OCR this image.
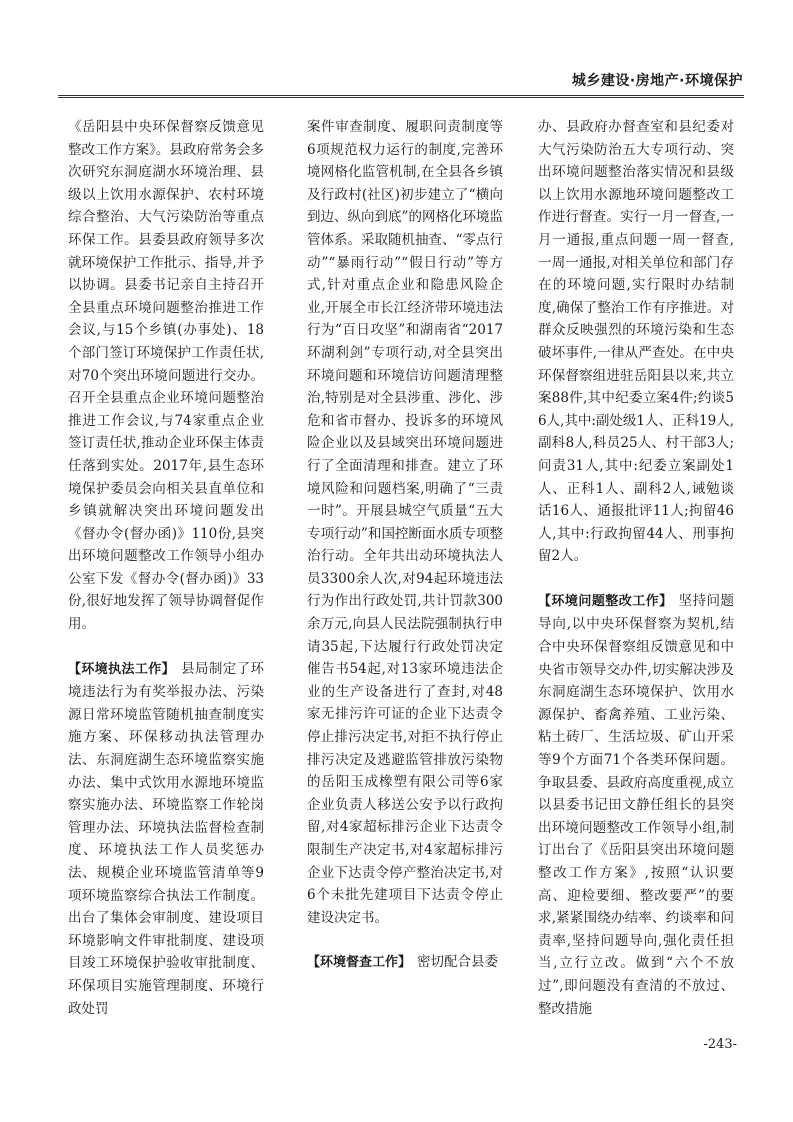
城乡建设·房地产·环境保护

《岳阳县中央环保督察反馈意见整改工作方案》。县政府常务会多次研究东洞庭湖水环境治理、县级以上饮用水源保护、农村环境综合整治、大气污染防治等重点环保工作。县委县政府领导多次就环境保护工作批示、指导,并予以协调。县委书记亲自主持召开全县重点环境问题整治推进工作会议,与15个乡镇(办事处)、18个部门签订环境保护工作责任状,对70个突出环境问题进行交办。召开全县重点企业环境问题整治推进工作会议,与74家重点企业签订责任状,推动企业环保主体责任落到实处。2017年,县生态环境保护委员会向相关县直单位和乡镇就解决突出环境问题发出《督办令(督办函)》110份,县突出环境问题整改工作领导小组办公室下发《督办令(督办函)》33份,很好地发挥了领导协调督促作用。

【环境执法工作】 县局制定了环境违法行为有奖举报办法、污染源日常环境监管随机抽查制度实施方案、环保移动执法管理办法、东洞庭湖生态环境监察实施办法、集中式饮用水源地环境监察实施办法、环境监察工作轮岗管理办法、环境执法监督检查制度、环境执法工作人员奖惩办法、规模企业环境监管清单等9项环境监察综合执法工作制度。出台了集体会审制度、建设项目环境影响文件审批制度、建设项目竣工环境保护验收审批制度、环保项目实施管理制度、环境行政处罚

案件审查制度、履职问责制度等6项规范权力运行的制度,完善环境网格化监管机制,在全县各乡镇及行政村(社区)初步建立了“横向到边、纵向到底”的网格化环境监管体系。采取随机抽查、“零点行动”“暴雨行动”“假日行动”等方式,针对重点企业和隐患风险企业,开展全市长江经济带环境违法行为“百日攻坚”和湖南省“2017环湖利剑”专项行动,对全县突出环境问题和环境信访问题清理整治,特别是对全县涉重、涉化、涉危和省市督办、投诉多的环境风险企业以及县域突出环境问题进行了全面清理和排查。建立了环境风险和问题档案,明确了“三责一时”。开展县城空气质量“五大专项行动”和国控断面水质专项整治行动。全年共出动环境执法人员3300余人次,对94起环境违法行为作出行政处罚,共计罚款300余万元,向县人民法院强制执行申请35起,下达履行行政处罚决定催告书54起,对13家环境违法企业的生产设备进行了查封,对48家无排污许可证的企业下达责令停止排污决定书,对拒不执行停止排污决定及逃避监管排放污染物的岳阳玉成橡塑有限公司等6家企业负责人移送公安予以行政拘留,对4家超标排污企业下达责令限制生产决定书,对4家超标排污企业下达责令停产整治决定书,对6个未批先建项目下达责令停止建设决定书。

【环境督查工作】 密切配合县委

办、县政府办督查室和县纪委对大气污染防治五大专项行动、突出环境问题整治落实情况和县级以上饮用水源地环境问题整改工作进行督查。实行一月一督查,一月一通报,重点问题一周一督查,一周一通报,对相关单位和部门存在的环境问题,实行限时办结制度,确保了整治工作有序推进。对群众反映强烈的环境污染和生态破坏事件,一律从严查处。在中央环保督察组进驻岳阳县以来,共立案88件,其中纪委立案4件;约谈56人,其中:副处级1人、正科19人,副科8人,科员25人、村干部3人;问责31人,其中:纪委立案副处1人、正科1人、副科2人,诫勉谈话16人、通报批评11人;拘留46人,其中:行政拘留44人、刑事拘留2人。

【环境问题整改工作】 坚持问题导向,以中央环保督察为契机,结合中央环保督察组反馈意见和中央省市领导交办件,切实解决涉及东洞庭湖生态环境保护、饮用水源保护、畜禽养殖、工业污染、粘土砖厂、生活垃圾、矿山开采等9个方面71个各类环保问题。争取县委、县政府高度重视,成立以县委书记田文静任组长的县突出环境问题整改工作领导小组,制订出台了《岳阳县突出环境问题整改工作方案》,按照“认识要高、迎检要细、整改要严”的要求,紧紧围绕办结率、约谈率和问责率,坚持问题导向,强化责任担当,立行立改。做到“六个不放过”,即问题没有查清的不放过、整改措施

-243-
